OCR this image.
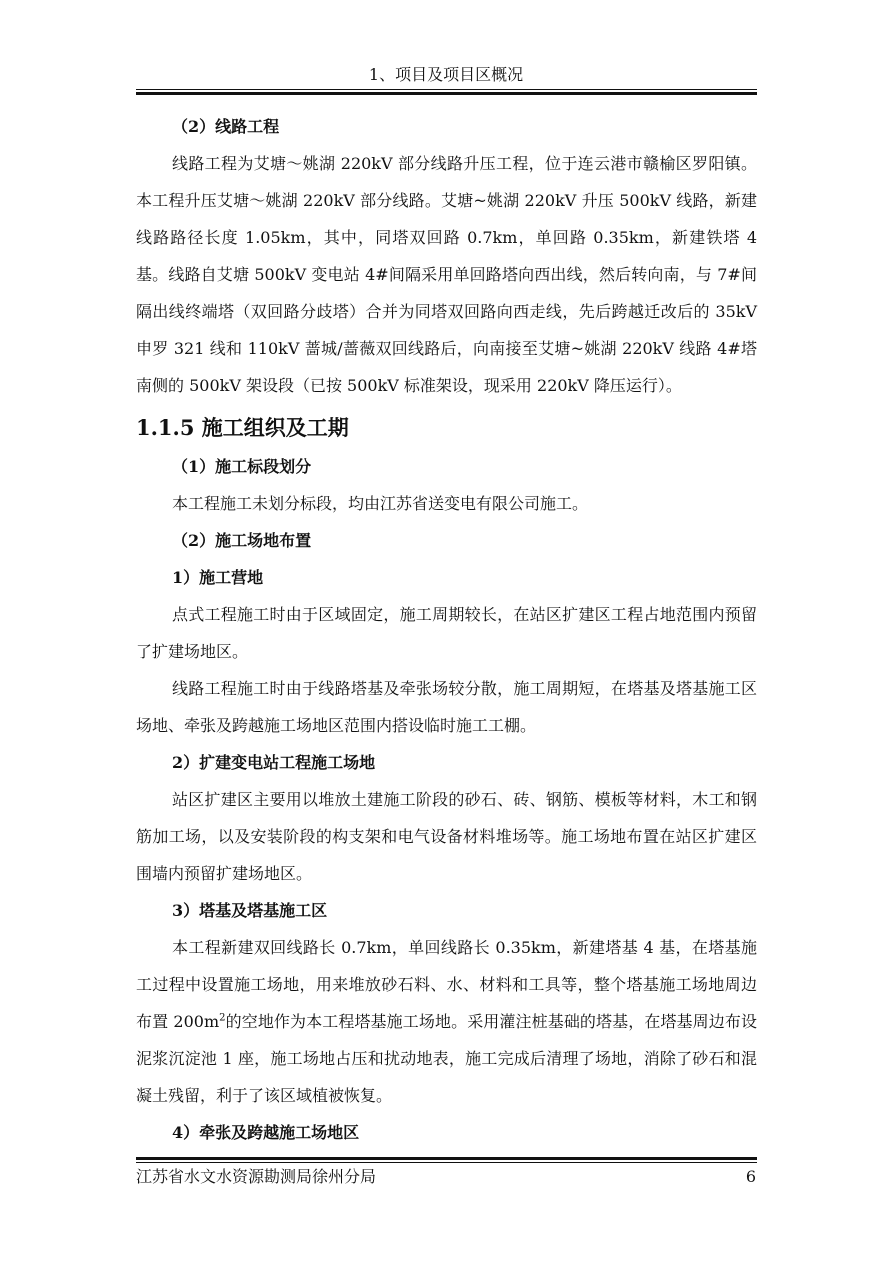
1、项目及项目区概况

（2）线路工程

线路工程为艾塘～姚湖 220kV 部分线路升压工程，位于连云港市赣榆区罗阳镇。本工程升压艾塘～姚湖 220kV 部分线路。艾塘~姚湖 220kV 升压 500kV 线路，新建线路路径长度 1.05km，其中，同塔双回路 0.7km，单回路 0.35km，新建铁塔 4 基。线路自艾塘 500kV 变电站 4#间隔采用单回路塔向西出线，然后转向南，与 7#间隔出线终端塔（双回路分歧塔）合并为同塔双回路向西走线，先后跨越迁改后的 35kV 申罗 321 线和 110kV 蔷城/蔷薇双回线路后，向南接至艾塘~姚湖 220kV 线路 4#塔南侧的 500kV 架设段（已按 500kV 标准架设，现采用 220kV 降压运行）。

1.1.5 施工组织及工期

（1）施工标段划分

本工程施工未划分标段，均由江苏省送变电有限公司施工。

（2）施工场地布置

1）施工营地

点式工程施工时由于区域固定，施工周期较长，在站区扩建区工程占地范围内预留了扩建场地区。

线路工程施工时由于线路塔基及牵张场较分散，施工周期短，在塔基及塔基施工区场地、牵张及跨越施工场地区范围内搭设临时施工工棚。

2）扩建变电站工程施工场地

站区扩建区主要用以堆放土建施工阶段的砂石、砖、钢筋、模板等材料，木工和钢筋加工场，以及安装阶段的构支架和电气设备材料堆场等。施工场地布置在站区扩建区围墙内预留扩建场地区。

3）塔基及塔基施工区

本工程新建双回线路长 0.7km，单回线路长 0.35km，新建塔基 4 基，在塔基施工过程中设置施工场地，用来堆放砂石料、水、材料和工具等，整个塔基施工场地周边布置 $200m^2$的空地作为本工程塔基施工场地。采用灌注桩基础的塔基，在塔基周边布设泥浆沉淀池 1 座，施工场地占压和扰动地表，施工完成后清理了场地，消除了砂石和混凝土残留，利于了该区域植被恢复。

4）牵张及跨越施工场地区

江苏省水文水资源勘测局徐州分局	6
